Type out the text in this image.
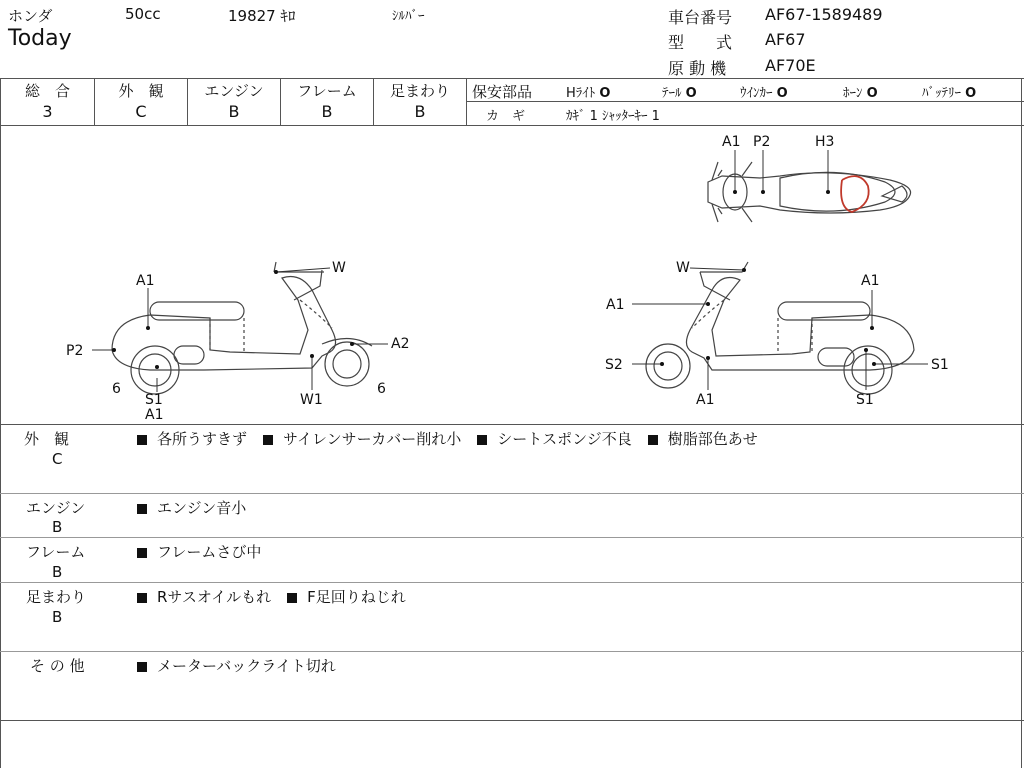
ホンダ	50cc	19827 ｷﾛ	ｼﾙﾊﾞｰ
Today
車台番号 AF67-1589489
型　　式 AF67
原 動 機 AF70E
総　合
3
外　観
C
エンジン
B
フレーム
B
足まわり
B
保安部品	Hﾗｲﾄ O	ﾃｰﾙ O	ｳｲﾝｶｰ O	ﾎｰﾝ O	ﾊﾞｯﾃﾘｰ O
カ　ギ	ｶｷﾞ 1 ｼｬｯﾀｰｷｰ 1
A1 P2	H3
W
A1
P2	A2
6
S1
A1
W1
6
W
A1
A1
S2	S1
A1	S1
外　観
C
各所うすきず サイレンサーカバー削れ小 シートスポンジ不良 樹脂部色あせ
エンジン
B
エンジン音小
フレーム
B
フレームさび中
足まわり
B
Rサスオイルもれ F足回りねじれ
そ の 他	メーターバックライト切れ
